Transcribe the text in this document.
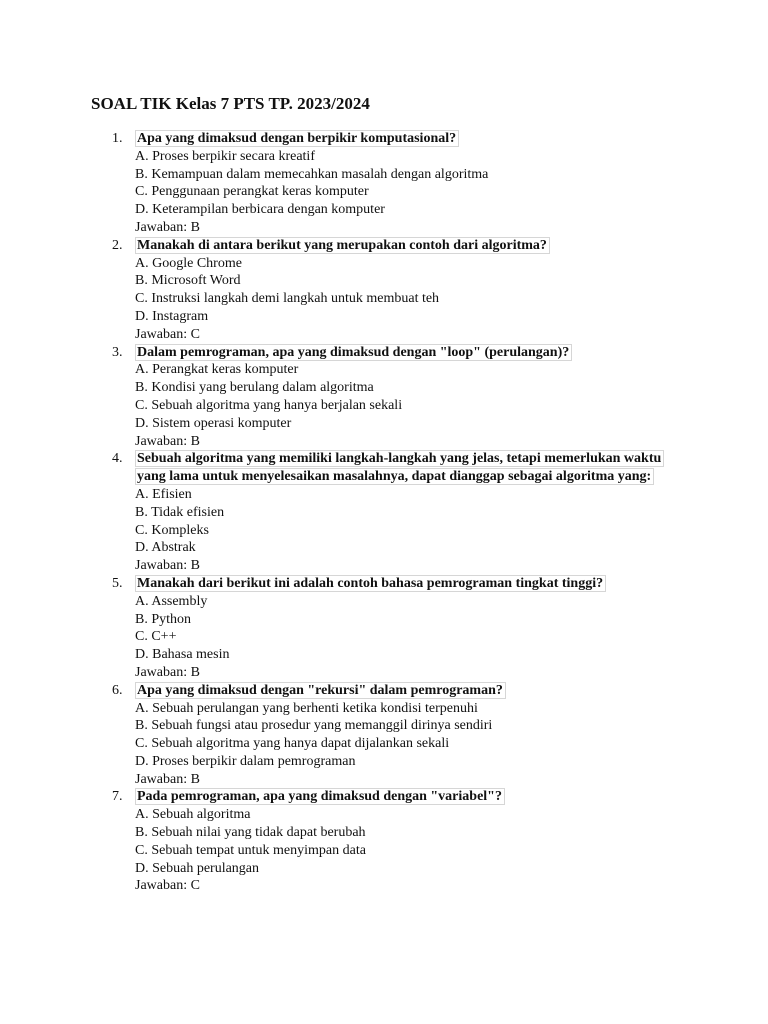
SOAL TIK Kelas 7 PTS TP. 2023/2024
1.	Apa yang dimaksud dengan berpikir komputasional?
A. Proses berpikir secara kreatif
B. Kemampuan dalam memecahkan masalah dengan algoritma
C. Penggunaan perangkat keras komputer
D. Keterampilan berbicara dengan komputer
Jawaban: B
2.	Manakah di antara berikut yang merupakan contoh dari algoritma?
A. Google Chrome
B. Microsoft Word
C. Instruksi langkah demi langkah untuk membuat teh
D. Instagram
Jawaban: C
3.	Dalam pemrograman, apa yang dimaksud dengan "loop" (perulangan)?
A. Perangkat keras komputer
B. Kondisi yang berulang dalam algoritma
C. Sebuah algoritma yang hanya berjalan sekali
D. Sistem operasi komputer
Jawaban: B
4.	Sebuah algoritma yang memiliki langkah-langkah yang jelas, tetapi memerlukan waktu yang lama untuk menyelesaikan masalahnya, dapat dianggap sebagai algoritma yang:
A. Efisien
B. Tidak efisien
C. Kompleks
D. Abstrak
Jawaban: B
5.	Manakah dari berikut ini adalah contoh bahasa pemrograman tingkat tinggi?
A. Assembly
B. Python
C. C++
D. Bahasa mesin
Jawaban: B
6.	Apa yang dimaksud dengan "rekursi" dalam pemrograman?
A. Sebuah perulangan yang berhenti ketika kondisi terpenuhi
B. Sebuah fungsi atau prosedur yang memanggil dirinya sendiri
C. Sebuah algoritma yang hanya dapat dijalankan sekali
D. Proses berpikir dalam pemrograman
Jawaban: B
7.	Pada pemrograman, apa yang dimaksud dengan "variabel"?
A. Sebuah algoritma
B. Sebuah nilai yang tidak dapat berubah
C. Sebuah tempat untuk menyimpan data
D. Sebuah perulangan
Jawaban: C
